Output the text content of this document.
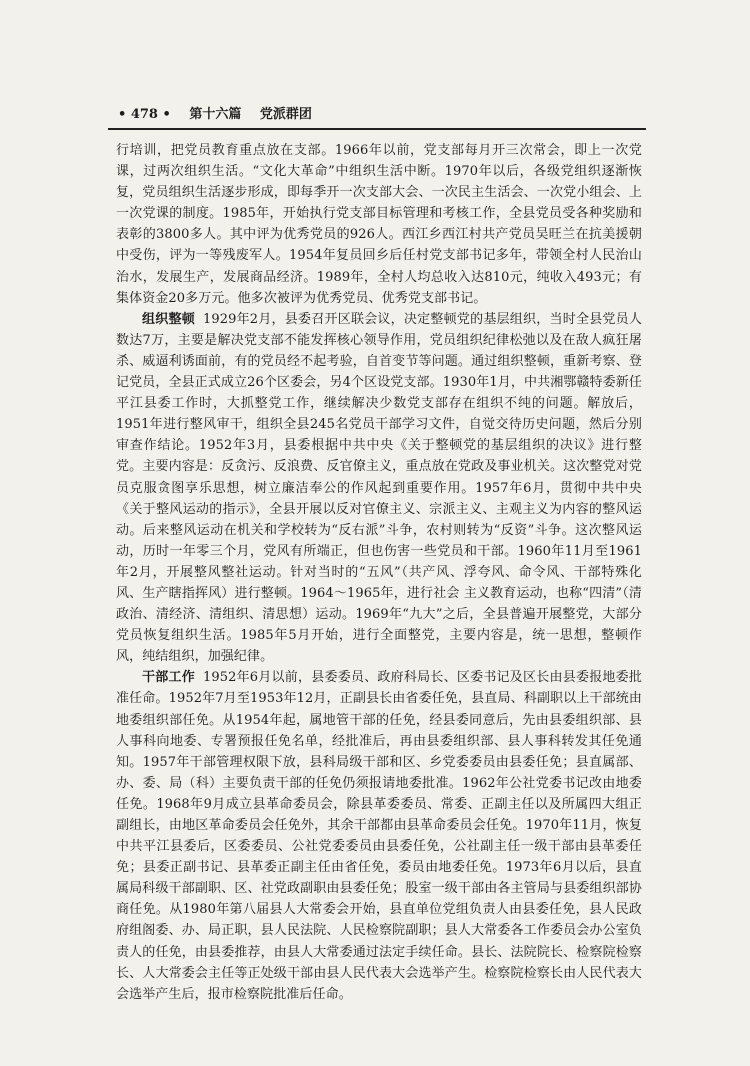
• 478 • 第十六篇 党派群团

行培训，把党员教育重点放在支部。1966年以前，党支部每月开三次常会，即上一次党课，过两次组织生活。“文化大革命”中组织生活中断。1970年以后，各级党组织逐渐恢复，党员组织生活逐步形成，即每季开一次支部大会、一次民主生活会、一次党小组会、上一次党课的制度。1985年，开始执行党支部目标管理和考核工作，全县党员受各种奖励和表彰的3800多人。其中评为优秀党员的926人。西江乡西江村共产党员吴旺兰在抗美援朝中受伤，评为一等残废军人。1954年复员回乡后任村党支部书记多年，带领全村人民治山治水，发展生产，发展商品经济。1989年，全村人均总收入达810元，纯收入493元；有集体资金20多万元。他多次被评为优秀党员、优秀党支部书记。

组织整顿 1929年2月，县委召开区联会议，决定整顿党的基层组织，当时全县党员人数达7万，主要是解决党支部不能发挥核心领导作用，党员组织纪律松弛以及在敌人疯狂屠杀、威逼利诱面前，有的党员经不起考验，自首变节等问题。通过组织整顿，重新考察、登记党员，全县正式成立26个区委会，另4个区设党支部。1930年1月，中共湘鄂赣特委新任平江县委工作时，大抓整党工作，继续解决少数党支部存在组织不纯的问题。解放后，1951年进行整风审干，组织全县245名党员干部学习文件，自觉交待历史问题，然后分别审查作结论。1952年3月，县委根据中共中央《关于整顿党的基层组织的决议》进行整党。主要内容是：反贪污、反浪费、反官僚主义，重点放在党政及事业机关。这次整党对党员克服贪图享乐思想，树立廉洁奉公的作风起到重要作用。1957年6月，贯彻中共中央《关于整风运动的指示》，全县开展以反对官僚主义、宗派主义、主观主义为内容的整风运动。后来整风运动在机关和学校转为“反右派”斗争，农村则转为“反资”斗争。这次整风运动，历时一年零三个月，党风有所端正，但也伤害一些党员和干部。1960年11月至1961年2月，开展整风整社运动。针对当时的“五风”（共产风、浮夸风、命令风、干部特殊化风、生产瞎指挥风）进行整顿。1964～1965年，进行社会 主义教育运动，也称“四清”（清政治、清经济、清组织、清思想）运动。1969年“九大”之后，全县普遍开展整党，大部分党员恢复组织生活。1985年5月开始，进行全面整党，主要内容是，统一思想，整顿作风，纯结组织，加强纪律。

干部工作 1952年6月以前，县委委员、政府科局长、区委书记及区长由县委报地委批准任命。1952年7月至1953年12月，正副县长由省委任免，县直局、科副职以上干部统由地委组织部任免。从1954年起，属地管干部的任免，经县委同意后，先由县委组织部、县人事科向地委、专署预报任免名单，经批准后，再由县委组织部、县人事科转发其任免通知。1957年干部管理权限下放，县科局级干部和区、乡党委委员由县委任免；县直属部、办、委、局（科）主要负责干部的任免仍须报请地委批准。1962年公社党委书记改由地委任免。1968年9月成立县革命委员会，除县革委委员、常委、正副主任以及所属四大组正副组长，由地区革命委员会任免外，其余干部都由县革命委员会任免。1970年11月，恢复中共平江县委后，区委委员、公社党委委员由县委任免，公社副主任一级干部由县革委任免；县委正副书记、县革委正副主任由省任免，委员由地委任免。1973年6月以后，县直属局科级干部副职、区、社党政副职由县委任免；股室一级干部由各主管局与县委组织部协商任免。从1980年第八届县人大常委会开始，县直单位党组负责人由县委任免，县人民政府组阁委、办、局正职，县人民法院、人民检察院副职；县人大常委各工作委员会办公室负责人的任免，由县委推荐，由县人大常委通过法定手续任命。县长、法院院长、检察院检察长、人大常委会主任等正处级干部由县人民代表大会选举产生。检察院检察长由人民代表大会选举产生后，报市检察院批准后任命。
